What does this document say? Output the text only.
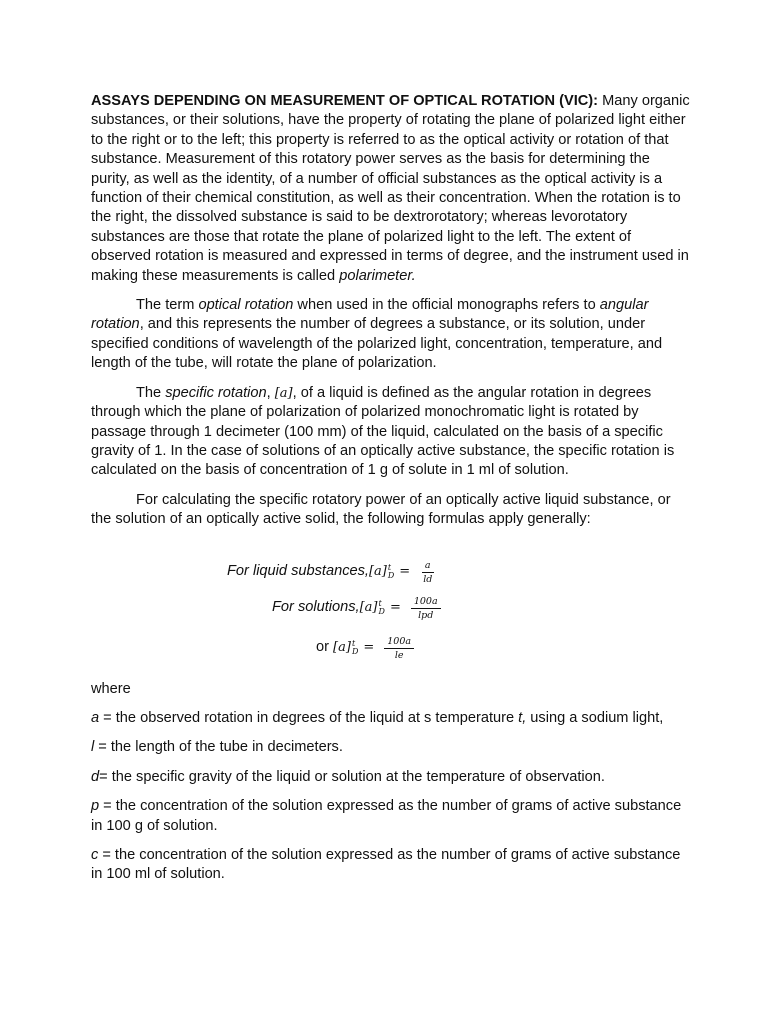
ASSAYS DEPENDING ON MEASUREMENT OF OPTICAL ROTATION (VIC): Many organic substances, or their solutions, have the property of rotating the plane of polarized light either to the right or to the left; this property is referred to as the optical activity or rotation of that substance. Measurement of this rotatory power serves as the basis for determining the purity, as well as the identity, of a number of official substances as the optical activity is a function of their chemical constitution, as well as their concentration. When the rotation is to the right, the dissolved substance is said to be dextrorotatory; whereas levorotatory substances are those that rotate the plane of polarized light to the left. The extent of observed rotation is measured and expressed in terms of degree, and the instrument used in making these measurements is called polarimeter.

The term optical rotation when used in the official monographs refers to angular rotation, and this represents the number of degrees a substance, or its solution, under specified conditions of wavelength of the polarized light, concentration, temperature, and length of the tube, will rotate the plane of polarization.

The specific rotation, [a], of a liquid is defined as the angular rotation in degrees through which the plane of polarization of polarized monochromatic light is rotated by passage through 1 decimeter (100 mm) of the liquid, calculated on the basis of a specific gravity of 1. In the case of solutions of an optically active substance, the specific rotation is calculated on the basis of concentration of 1 g of solute in 1 ml of solution.

For calculating the specific rotatory power of an optically active liquid substance, or the solution of an optically active solid, the following formulas apply generally:

For liquid substances, [a] t
$D = \frac{a}{ld}$
For solutions, [a] t
$D = \frac{100a}{\text{lpd}}$
or [a] t
$D = \frac{100a}{le}$

where

a = the observed rotation in degrees of the liquid at s temperature t, using a sodium light,

l = the length of the tube in decimeters.

d= the specific gravity of the liquid or solution at the temperature of observation.

p = the concentration of the solution expressed as the number of grams of active substance in 100 g of solution.

c = the concentration of the solution expressed as the number of grams of active substance in 100 ml of solution.
